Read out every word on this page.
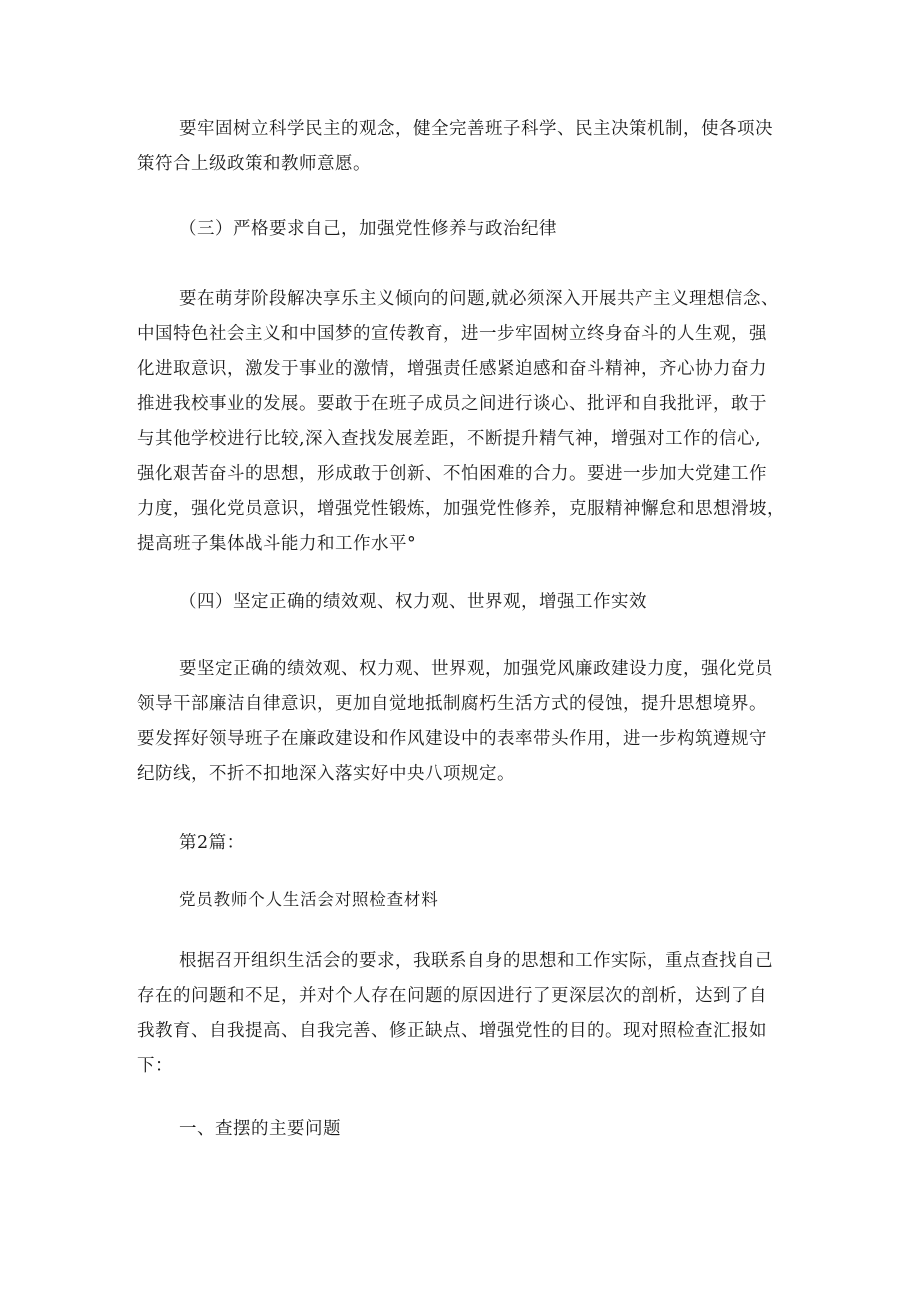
要牢固树立科学民主的观念，健全完善班子科学、民主决策机制，使各项决
策符合上级政策和教师意愿。

（三）严格要求自己，加强党性修养与政治纪律

要在萌芽阶段解决享乐主义倾向的问题,就必须深入开展共产主义理想信念、
中国特色社会主义和中国梦的宣传教育，进一步牢固树立终身奋斗的人生观，强
化进取意识，激发于事业的激情，增强责任感紧迫感和奋斗精神，齐心协力奋力
推进我校事业的发展。要敢于在班子成员之间进行谈心、批评和自我批评，敢于
与其他学校进行比较,深入查找发展差距，不断提升精气神，增强对工作的信心,
强化艰苦奋斗的思想，形成敢于创新、不怕困难的合力。要进一步加大党建工作
力度，强化党员意识，增强党性锻炼，加强党性修养，克服精神懈怠和思想滑坡，
提高班子集体战斗能力和工作水平°

（四）坚定正确的绩效观、权力观、世界观，增强工作实效

要坚定正确的绩效观、权力观、世界观，加强党风廉政建设力度，强化党员
领导干部廉洁自律意识，更加自觉地抵制腐朽生活方式的侵蚀，提升思想境界。
要发挥好领导班子在廉政建设和作风建设中的表率带头作用，进一步构筑遵规守
纪防线，不折不扣地深入落实好中央八项规定。

第2篇：

党员教师个人生活会对照检查材料

根据召开组织生活会的要求，我联系自身的思想和工作实际，重点查找自己
存在的问题和不足，并对个人存在问题的原因进行了更深层次的剖析，达到了自
我教育、自我提高、自我完善、修正缺点、增强党性的目的。现对照检查汇报如
下：

一、查摆的主要问题
